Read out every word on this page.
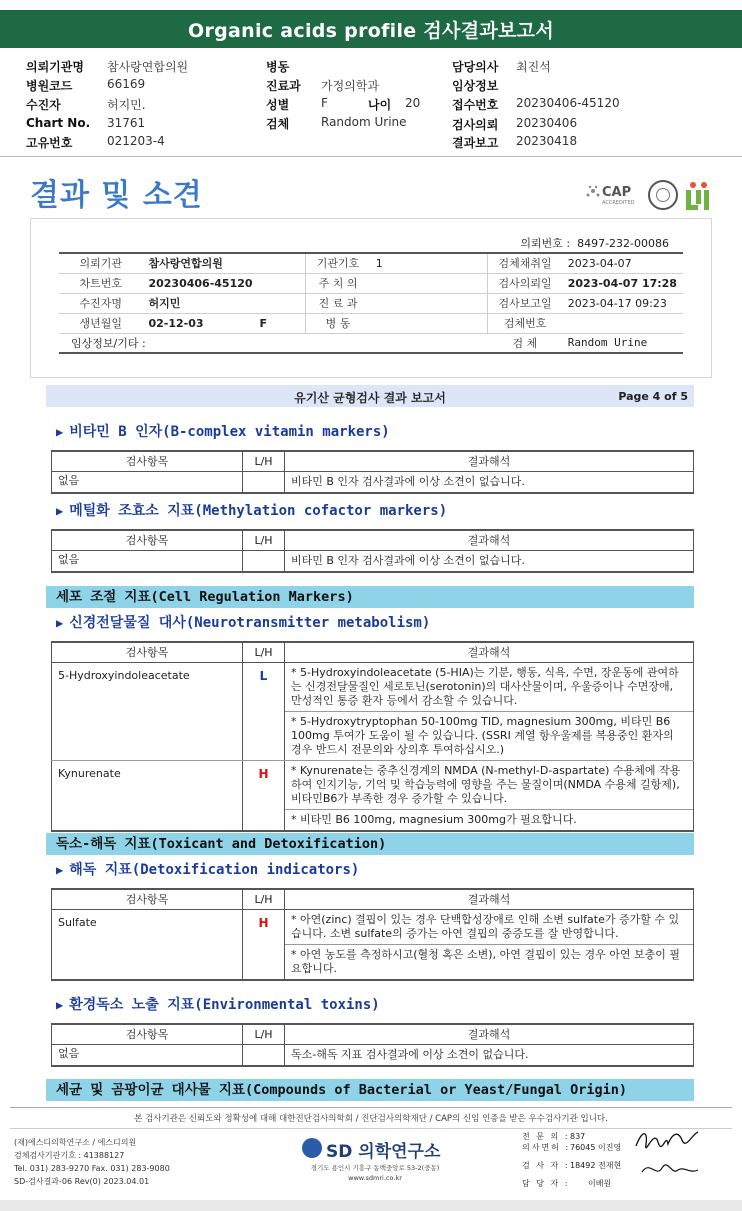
Organic acids profile 검사결과보고서
의뢰기관명 참사랑연합의원
병원코드	66169
수진자	허지민.
Chart No. 31761
고유번호	021203-4
병동
진료과 가정의학과
성별	F	나이 20
검체	Random Urine
담당의사 최진석
임상정보
접수번호 20230406-45120
검사의뢰 20230406
결과보고 20230418
결과 및 소견	CAP
ACCREDITED
의뢰번호 : 8497-232-00086
의뢰기관	참사랑연합의원	기관기호	1	검체채취일	2023-04-07
차트번호	20230406-45120	주 치 의		검사의뢰일	2023-04-07 17:28
수진자명	허지민	진 료 과		검사보고일	2023-04-17 09:23
생년월일	02-12-03 F	병 동		검체번호	
임상정보/기타 :				검 체	Random Urine
유기산 균형검사 결과 보고서	Page 4 of 5
▶ 비타민 B 인자(B-complex vitamin markers)
검사항목	L/H	결과해석
없음		비타민 B 인자 검사결과에 이상 소견이 없습니다.
▶ 메틸화 조효소 지표(Methylation cofactor markers)
검사항목	L/H	결과해석
없음		비타민 B 인자 검사결과에 이상 소견이 없습니다.
세포 조절 지표(Cell Regulation Markers)
▶ 신경전달물질 대사(Neurotransmitter metabolism)
검사항목	L/H	결과해석
5-Hydroxyindoleacetate	L	* 5-Hydroxyindoleacetate (5-HIA)는 기분, 행동, 식욕, 수면, 장운동에 관여하는 신경전달물질인 세로토닌(serotonin)의 대사산물이며, 우울증이나 수면장애, 만성적인 통증 환자 등에서 감소할 수 있습니다.
* 5-Hydroxytryptophan 50-100mg TID, magnesium 300mg, 비타민 B6 100mg 투여가 도움이 될 수 있습니다. (SSRI 계열 항우울제를 복용중인 환자의 경우 반드시 전문의와 상의후 투여하십시오.)

Kynurenate	H	* Kynurenate는 중추신경계의 NMDA (N-methyl-D-aspartate) 수용체에 작용하여 인지기능, 기억 및 학습능력에 영향을 주는 물질이며(NMDA 수용체 길항제), 비타민B6가 부족한 경우 증가할 수 있습니다.
* 비타민 B6 100mg, magnesium 300mg가 필요합니다.
독소-해독 지표(Toxicant and Detoxification)
▶ 해독 지표(Detoxification indicators)
검사항목	L/H	결과해석
Sulfate	H	* 아연(zinc) 결핍이 있는 경우 단백합성장애로 인해 소변 sulfate가 증가할 수 있습니다. 소변 sulfate의 증가는 아연 결핍의 중증도를 잘 반영합니다.
* 아연 농도를 측정하시고(혈청 혹은 소변), 아연 결핍이 있는 경우 아연 보충이 필요합니다.
▶ 환경독소 노출 지표(Environmental toxins)
검사항목	L/H	결과해석
없음		독소-해독 지표 검사결과에 이상 소견이 없습니다.
세균 및 곰팡이균 대사물 지표(Compounds of Bacterial or Yeast/Fungal Origin)
본 검사기관은 신뢰도와 정확성에 대해 대한진단검사의학회 / 진단검사의학재단 / CAP의 신임 인증을 받은 우수검사기관 입니다.
(재)에스디의학연구소 / 에스디의원
검체검사기관기호 : 41388127
Tel. 031) 283-9270 Fax. 031) 283-9080
SD-검사결과-06 Rev(0) 2023.04.01
SD 의학연구소
경기도 용인시 기흥구 동백중앙로 53-2(중동)
www.sdmri.co.kr
전 문 의 : 837
의사면허 : 76045 이진영
검 사 자 : 18492 전재현
담 당 자 : 이배원
